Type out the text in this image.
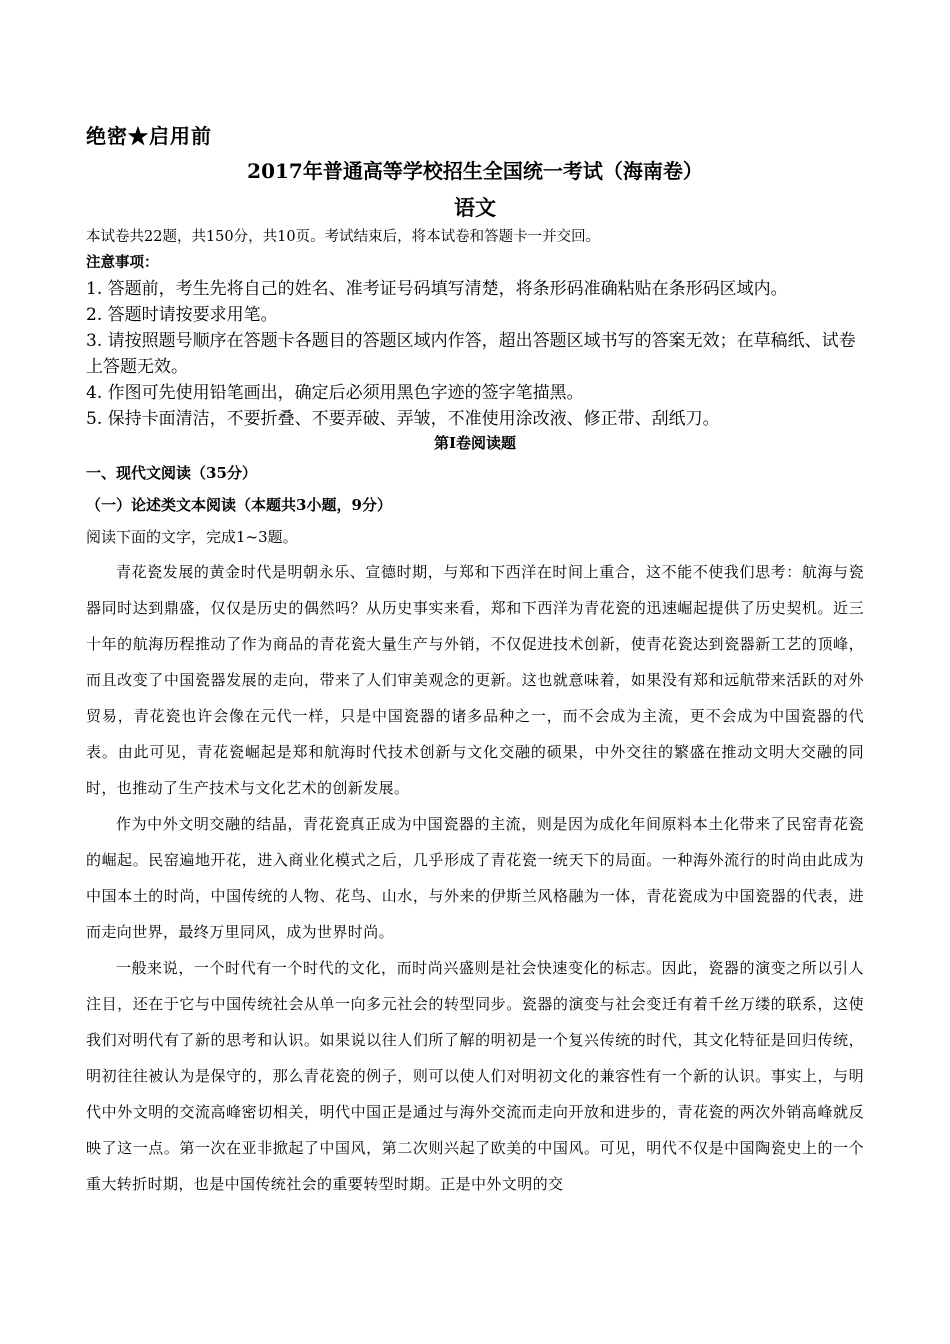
绝密★启用前
2017年普通高等学校招生全国统一考试（海南卷）
语文
本试卷共22题，共150分，共10页。考试结束后，将本试卷和答题卡一并交回。
注意事项：
1. 答题前，考生先将自己的姓名、准考证号码填写清楚，将条形码准确粘贴在条形码区域内。
2. 答题时请按要求用笔。
3. 请按照题号顺序在答题卡各题目的答题区域内作答，超出答题区域书写的答案无效；在草稿纸、试卷上答题无效。
4. 作图可先使用铅笔画出，确定后必须用黑色字迹的签字笔描黑。
5. 保持卡面清洁，不要折叠、不要弄破、弄皱，不准使用涂改液、修正带、刮纸刀。
第Ⅰ卷阅读题
一、现代文阅读（35分）
（一）论述类文本阅读（本题共3小题，9分）
阅读下面的文字，完成1~3题。

青花瓷发展的黄金时代是明朝永乐、宣德时期，与郑和下西洋在时间上重合，这不能不使我们思考：航海与瓷器同时达到鼎盛，仅仅是历史的偶然吗？从历史事实来看，郑和下西洋为青花瓷的迅速崛起提供了历史契机。近三十年的航海历程推动了作为商品的青花瓷大量生产与外销，不仅促进技术创新，使青花瓷达到瓷器新工艺的顶峰，而且改变了中国瓷器发展的走向，带来了人们审美观念的更新。这也就意味着，如果没有郑和远航带来活跃的对外贸易，青花瓷也许会像在元代一样，只是中国瓷器的诸多品种之一，而不会成为主流，更不会成为中国瓷器的代表。由此可见，青花瓷崛起是郑和航海时代技术创新与文化交融的硕果，中外交往的繁盛在推动文明大交融的同时，也推动了生产技术与文化艺术的创新发展。

作为中外文明交融的结晶，青花瓷真正成为中国瓷器的主流，则是因为成化年间原料本土化带来了民窑青花瓷的崛起。民窑遍地开花，进入商业化模式之后，几乎形成了青花瓷一统天下的局面。一种海外流行的时尚由此成为中国本土的时尚，中国传统的人物、花鸟、山水，与外来的伊斯兰风格融为一体，青花瓷成为中国瓷器的代表，进而走向世界，最终万里同风，成为世界时尚。

一般来说，一个时代有一个时代的文化，而时尚兴盛则是社会快速变化的标志。因此，瓷器的演变之所以引人注目，还在于它与中国传统社会从单一向多元社会的转型同步。瓷器的演变与社会变迁有着千丝万缕的联系，这使我们对明代有了新的思考和认识。如果说以往人们所了解的明初是一个复兴传统的时代，其文化特征是回归传统，明初往往被认为是保守的，那么青花瓷的例子，则可以使人们对明初文化的兼容性有一个新的认识。事实上，与明代中外文明的交流高峰密切相关，明代中国正是通过与海外交流而走向开放和进步的，青花瓷的两次外销高峰就反映了这一点。第一次在亚非掀起了中国风，第二次则兴起了欧美的中国风。可见，明代不仅是中国陶瓷史上的一个重大转折时期，也是中国传统社会的重要转型时期。正是中外文明的交
